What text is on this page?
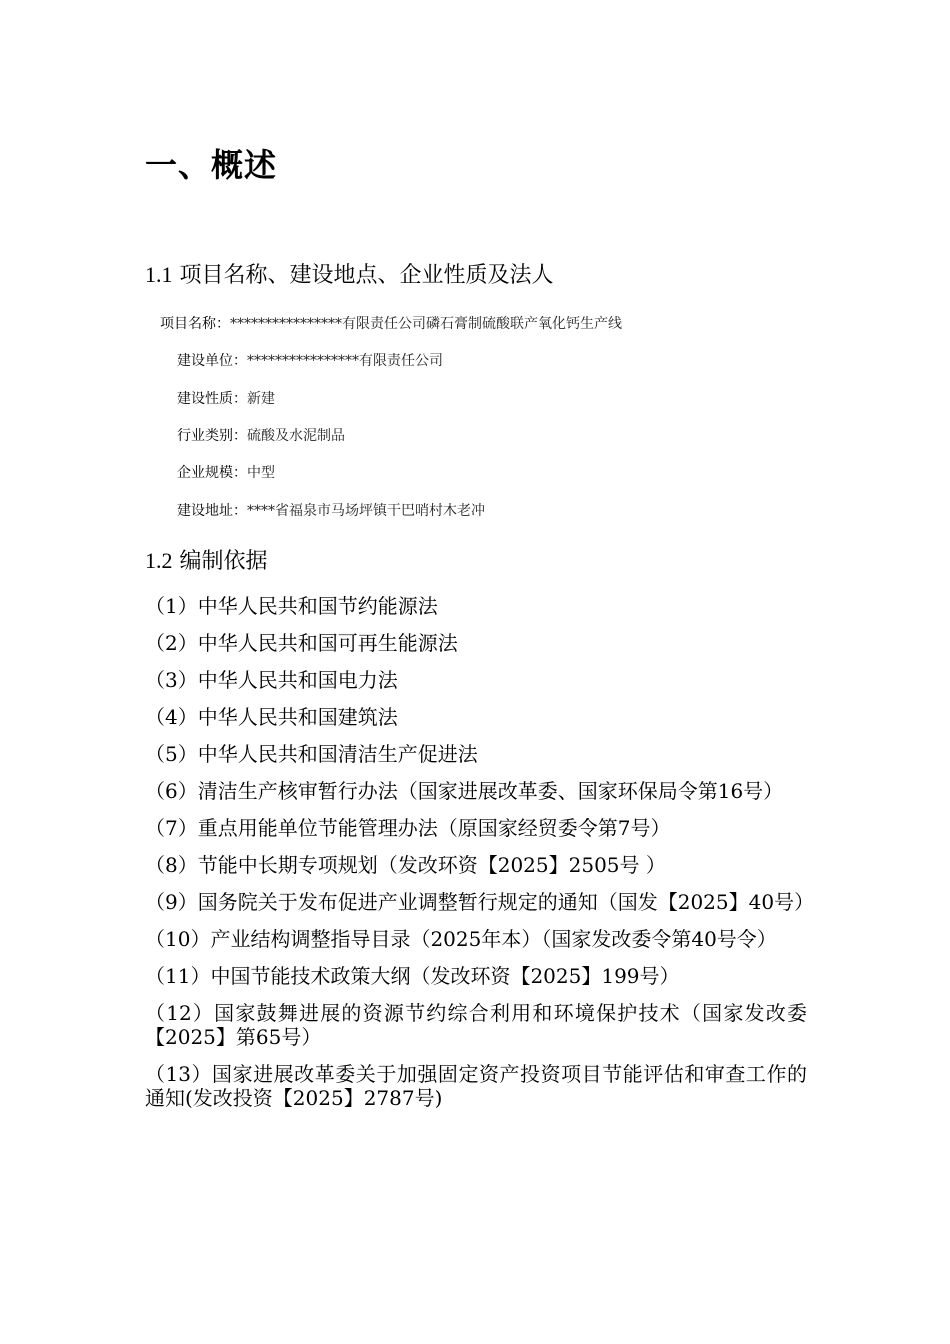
一、概述
1.1 项目名称、建设地点、企业性质及法人
项目名称：****************有限责任公司磷石膏制硫酸联产氧化钙生产线
建设单位：****************有限责任公司
建设性质：新建
行业类别：硫酸及水泥制品
企业规模：中型
建设地址：****省福泉市马场坪镇干巴哨村木老冲
1.2 编制依据
（1）中华人民共和国节约能源法
（2）中华人民共和国可再生能源法
（3）中华人民共和国电力法
（4）中华人民共和国建筑法
（5）中华人民共和国清洁生产促进法
（6）清洁生产核审暂行办法（国家进展改革委、国家环保局令第16号）
（7）重点用能单位节能管理办法（原国家经贸委令第7号）
（8）节能中长期专项规划（发改环资【2025】2505号 ）
（9）国务院关于发布促进产业调整暂行规定的通知（国发【2025】40号）
（10）产业结构调整指导目录（2025年本）（国家发改委令第40号令）
（11）中国节能技术政策大纲（发改环资【2025】199号）
（12）国家鼓舞进展的资源节约综合利用和环境保护技术（国家发改委【2025】第65号）
（13）国家进展改革委关于加强固定资产投资项目节能评估和审查工作的通知(发改投资【2025】2787号)
